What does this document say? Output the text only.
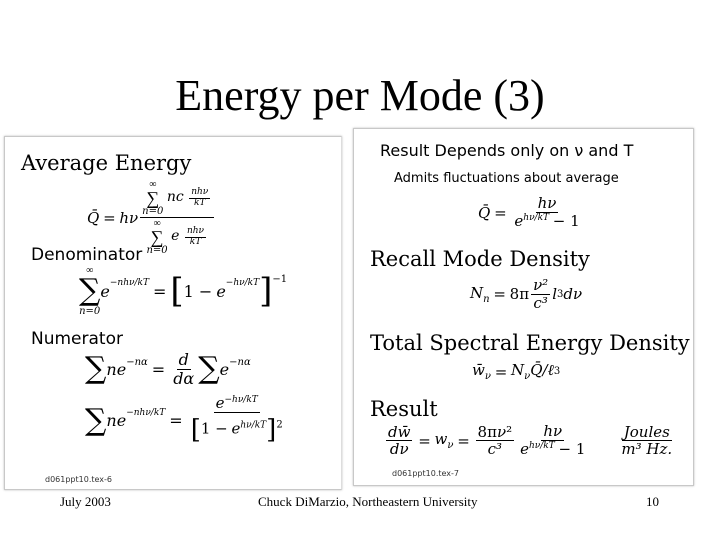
Energy per Mode (3)
Average Energy
Q̄
=
hν ∞
∑
n=0
nc $\frac{\text{nhν}}{kT}$
∞
∑
n=0
e $\frac{\text{nhν}}{kT}$
Denominator
∞
∑
n=0
e −nhν/kT
=
[ 1 −
e −hν/kT ] −1
Numerator
∑ ne −nα
=
$\frac{d}{d\alpha}$ ∑ e −nα
∑ ne −nhν/kT
=
$\frac{e^{-h\nu/kT}}{[1 - e^{h\nu/kT}]^2}$
d061ppt10.tex-6
Result Depends only on ν and T
Admits fluctuations about average
Q̄
=
$\frac{h\nu}{e^{h\nu/kT} - 1}$
Recall Mode Density
$N_n$
=
$8\pi \frac{\text{ν²}}{\text{c³}}$ l 3 dν
Total Spectral Energy Density
$w̄_\nu$
=
$N_\nu Q̄/\ell$ 3
Result
$\frac{dw̄}{d\nu}$
=
$w_\nu$
=
$\frac{\text{8πν²}}{\text{c³}} \frac{h\nu}{e^{h\nu/kT} - 1} \frac{\text{Joules}}{\text{m³ Hz.}}$
d061ppt10.tex-7
July 2003	Chuck DiMarzio, Northeastern University	10
